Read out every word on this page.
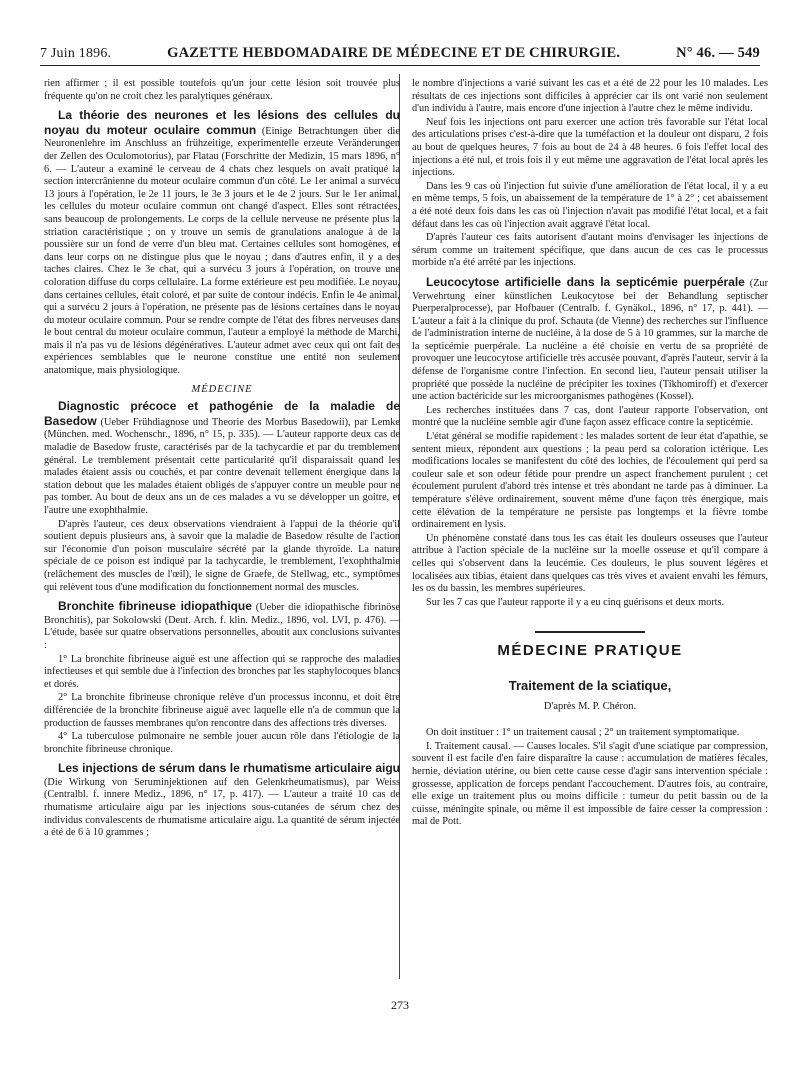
7 Juin 1896.	GAZETTE HEBDOMADAIRE DE MÉDECINE ET DE CHIRURGIE.	N° 46. — 549

rien affirmer ; il est possible toutefois qu'un jour cette lésion soit trouvée plus fréquente qu'on ne croit chez les paralytiques généraux.

La théorie des neurones et les lésions des cellules du noyau du moteur oculaire commun (Einige Betrachtungen über die Neuronenlehre im Anschluss an frühzeitige, experimentelle erzeute Veränderungen der Zellen des Oculomotorius), par Flatau (Forschritte der Medizin, 15 mars 1896, n° 6. — L'auteur a examiné le cerveau de 4 chats chez lesquels on avait pratiqué la section intercrânienne du moteur oculaire commun d'un côté. Le 1er animal a survécu 13 jours à l'opération, le 2e 11 jours, le 3e 3 jours et le 4e 2 jours. Sur le 1er animal, les cellules du moteur oculaire commun ont changé d'aspect. Elles sont rétractées, sans beaucoup de prolongements. Le corps de la cellule nerveuse ne présente plus la striation caractéristique ; on y trouve un semis de granulations analogue à de la poussière sur un fond de verre d'un bleu mat. Certaines cellules sont homogènes, et dans leur corps on ne distingue plus que le noyau ; dans d'autres enfin, il y a des taches claires. Chez le 3e chat, qui a survécu 3 jours à l'opération, on trouve une coloration diffuse du corps cellulaire. La forme extérieure est peu modifiée. Le noyau, dans certaines cellules, était coloré, et par suite de contour indécis. Enfin le 4e animal, qui a survécu 2 jours à l'opération, ne présente pas de lésions certaines dans le noyau du moteur oculaire commun. Pour se rendre compte de l'état des fibres nerveuses dans le bout central du moteur oculaire commun, l'auteur a employé la méthode de Marchi, mais il n'a pas vu de lésions dégénératives. L'auteur admet avec ceux qui ont fait des expériences semblables que le neurone constitue une entité non seulement anatomique, mais physiologique.

MÉDECINE

Diagnostic précoce et pathogénie de la maladie de Basedow (Ueber Frühdiagnose und Theorie des Morbus Basedowii), par Lemke (München. med. Wochenschr., 1896, n° 15, p. 335). — L'auteur rapporte deux cas de maladie de Basedow fruste, caractérisés par de la tachycardie et par du tremblement général. Le tremblement présentait cette particularité qu'il disparaissait quand les malades étaient assis ou couchés, et par contre devenait tellement énergique dans la station debout que les malades étaient obligés de s'appuyer contre un meuble pour ne pas tomber. Au bout de deux ans un de ces malades a vu se développer un goitre, et l'autre une exophthalmie.

D'après l'auteur, ces deux observations viendraient à l'appui de la théorie qu'il soutient depuis plusieurs ans, à savoir que la maladie de Basedow résulte de l'action sur l'économie d'un poison musculaire sécrété par la glande thyroïde. La nature spéciale de ce poison est indiqué par la tachycardie, le tremblement, l'exophthalmie (relâchement des muscles de l'œil), le signe de Graefe, de Stellwag, etc., symptômes qui relèvent tous d'une modification du fonctionnement normal des muscles.

Bronchite fibrineuse idiopathique (Ueber die idiopathische fibrinöse Bronchitis), par Sokolowski (Deut. Arch. f. klin. Mediz., 1896, vol. LVI, p. 476). — L'étude, basée sur quatre observations personnelles, aboutit aux conclusions suivantes :

1° La bronchite fibrineuse aiguë est une affection qui se rapproche des maladies infectieuses et qui semble due à l'infection des bronches par les staphylocoques blancs et dorés.

2° La bronchite fibrineuse chronique relève d'un processus inconnu, et doit être différenciée de la bronchite fibrineuse aiguë avec laquelle elle n'a de commun que la production de fausses membranes qu'on rencontre dans des affections très diverses.

4° La tuberculose pulmonaire ne semble jouer aucun rôle dans l'étiologie de la bronchite fibrineuse chronique.

Les injections de sérum dans le rhumatisme articulaire aigu (Die Wirkung von Seruminjektionen auf den Gelenkrheumatismus), par Weiss (Centralbl. f. innere Mediz., 1896, n° 17, p. 417). — L'auteur a traité 10 cas de rhumatisme articulaire aigu par les injections sous-cutanées de sérum chez des individus convalescents de rhumatisme articulaire aigu. La quantité de sérum injectée a été de 6 à 10 grammes ;

le nombre d'injections a varié suivant les cas et a été de 22 pour les 10 malades. Les résultats de ces injections sont difficiles à apprécier car ils ont varié non seulement d'un individu à l'autre, mais encore d'une injection à l'autre chez le même individu.

Neuf fois les injections ont paru exercer une action très favorable sur l'état local des articulations prises c'est-à-dire que la tuméfaction et la douleur ont disparu, 2 fois au bout de quelques heures, 7 fois au bout de 24 à 48 heures. 6 fois l'effet local des injections a été nul, et trois fois il y eut même une aggravation de l'état local après les injections.

Dans les 9 cas où l'injection fut suivie d'une amélioration de l'état local, il y a eu en même temps, 5 fois, un abaissement de la température de 1° à 2° ; cet abaissement a été noté deux fois dans les cas où l'injection n'avait pas modifié l'état local, et a fait défaut dans les cas où l'injection avait aggravé l'état local.

D'après l'auteur ces faits autorisent d'autant moins d'envisager les injections de sérum comme un traitement spécifique, que dans aucun de ces cas le processus morbide n'a été arrêté par les injections.

Leucocytose artificielle dans la septicémie puerpérale (Zur Verwehrtung einer künstlichen Leukocytose bei der Behandlung septischer Puerperalprocesse), par Hofbauer (Centralb. f. Gynäkol., 1896, n° 17, p. 441). — L'auteur a fait à la clinique du prof. Schauta (de Vienne) des recherches sur l'influence de l'administration interne de nucléine, à la dose de 5 à 10 grammes, sur la marche de la septicémie puerpérale. La nucléine a été choisie en vertu de sa propriété de provoquer une leucocytose artificielle très accusée pouvant, d'après l'auteur, servir à la défense de l'organisme contre l'infection. En second lieu, l'auteur pensait utiliser la propriété que possède la nucléine de précipiter les toxines (Tikhomiroff) et d'exercer une action bactéricide sur les microorganismes pathogènes (Kossel).

Les recherches instituées dans 7 cas, dont l'auteur rapporte l'observation, ont montré que la nucléine semble agir d'une façon assez efficace contre la septicémie.

L'état général se modifie rapidement : les malades sortent de leur état d'apathie, se sentent mieux, répondent aux questions ; la peau perd sa coloration ictérique. Les modifications locales se manifestent du côté des lochies, de l'écoulement qui perd sa couleur sale et son odeur fétide pour prendre un aspect franchement purulent ; cet écoulement purulent d'abord très intense et très abondant ne tarde pas à diminuer. La température s'élève ordinairement, souvent même d'une façon très énergique, mais cette élévation de la température ne persiste pas longtemps et la fièvre tombe ordinairement en lysis.

Un phénomène constaté dans tous les cas était les douleurs osseuses que l'auteur attribue à l'action spéciale de la nucléine sur la moelle osseuse et qu'il compare à celles qui s'observent dans la leucémie. Ces douleurs, le plus souvent légères et localisées aux tibias, étaient dans quelques cas très vives et avaient envahi les fémurs, les os du bassin, les membres supérieures.

Sur les 7 cas que l'auteur rapporte il y a eu cinq guérisons et deux morts.

MÉDECINE PRATIQUE
Traitement de la sciatique,
D'après M. P. Chéron.

On doit instituer : 1° un traitement causal ; 2° un traitement symptomatique.

I. Traitement causal. — Causes locales. S'il s'agit d'une sciatique par compression, souvent il est facile d'en faire disparaître la cause : accumulation de matières fécales, hernie, déviation utérine, ou bien cette cause cesse d'agir sans intervention spéciale : grossesse, application de forceps pendant l'accouchement. D'autres fois, au contraire, elle exige un traitement plus ou moins difficile : tumeur du petit bassin ou de la cuisse, méningite spinale, ou même il est impossible de faire cesser la compression : mal de Pott.

273
